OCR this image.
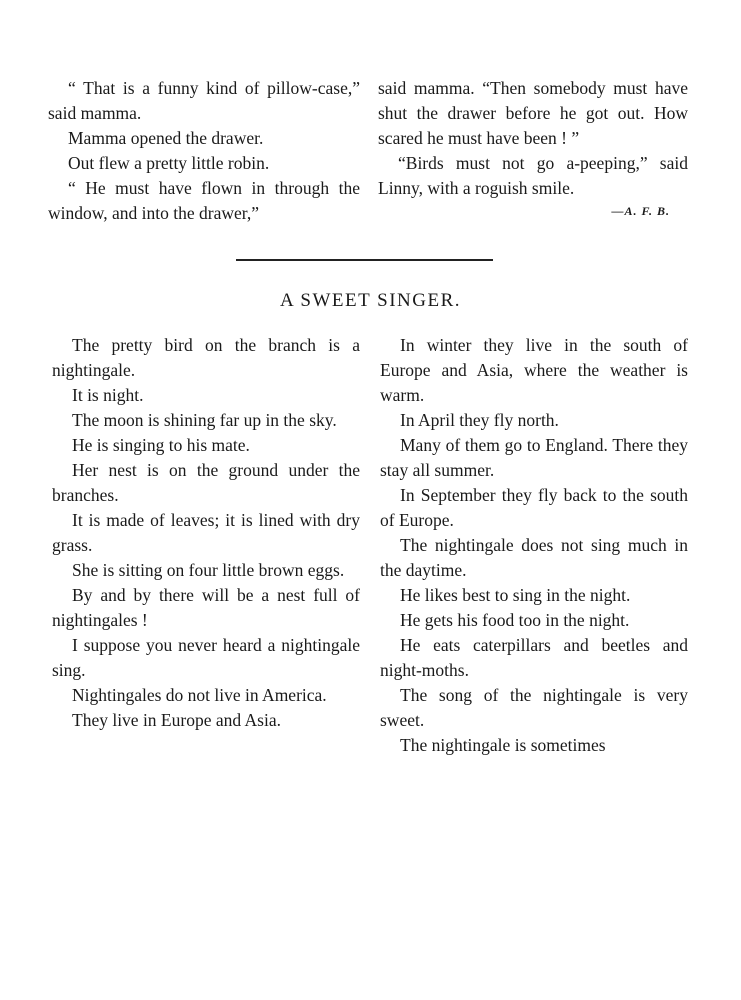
“ That is a funny kind of pillow-case,” said mamma.

Mamma opened the drawer.

Out flew a pretty little robin.

“ He must have flown in through the window, and into the drawer,”

said mamma. “Then somebody must have shut the drawer before he got out. How scared he must have been ! ”

“Birds must not go a-peeping,” said Linny, with a roguish smile.

—A. F. B.

A SWEET SINGER.

The pretty bird on the branch is a nightingale.

It is night.

The moon is shining far up in the sky.

He is singing to his mate.

Her nest is on the ground under the branches.

It is made of leaves; it is lined with dry grass.

She is sitting on four little brown eggs.

By and by there will be a nest full of nightingales !

I suppose you never heard a nightingale sing.

Nightingales do not live in America.

They live in Europe and Asia.

In winter they live in the south of Europe and Asia, where the weather is warm.

In April they fly north.

Many of them go to England. There they stay all summer.

In September they fly back to the south of Europe.

The nightingale does not sing much in the daytime.

He likes best to sing in the night.

He gets his food too in the night.

He eats caterpillars and beetles and night-moths.

The song of the nightingale is very sweet.

The nightingale is sometimes
